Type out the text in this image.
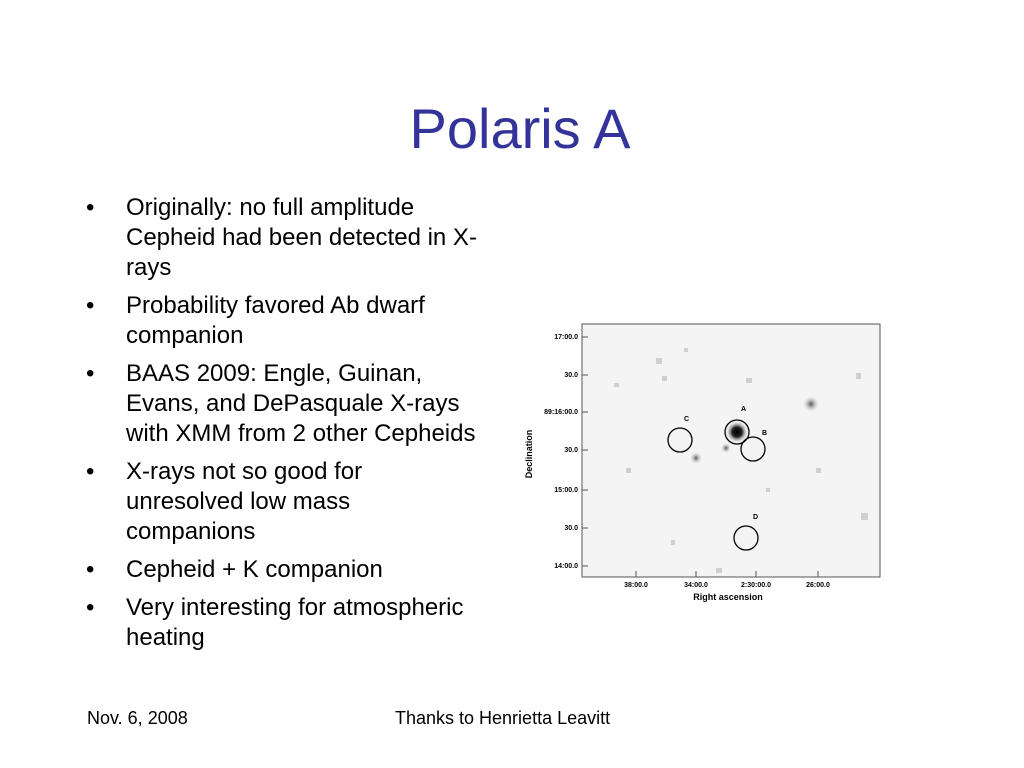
Polaris A
• Originally: no full amplitude Cepheid had been detected in X-rays
• Probability favored Ab dwarf companion
• BAAS 2009: Engle, Guinan, Evans, and DePasquale X-rays with XMM from 2 other Cepheids
• X-rays not so good for unresolved low mass companions
• Cepheid + K companion
• Very interesting for atmospheric heating
A
B
C
D
17:00.0
30.0
89:16:00.0
30.0
15:00.0
30.0
14:00.0
38:00.0	34:00.0	2:30:00.0	26:00.0
Right ascension
Declination
Nov. 6, 2008	Thanks to Henrietta Leavitt
